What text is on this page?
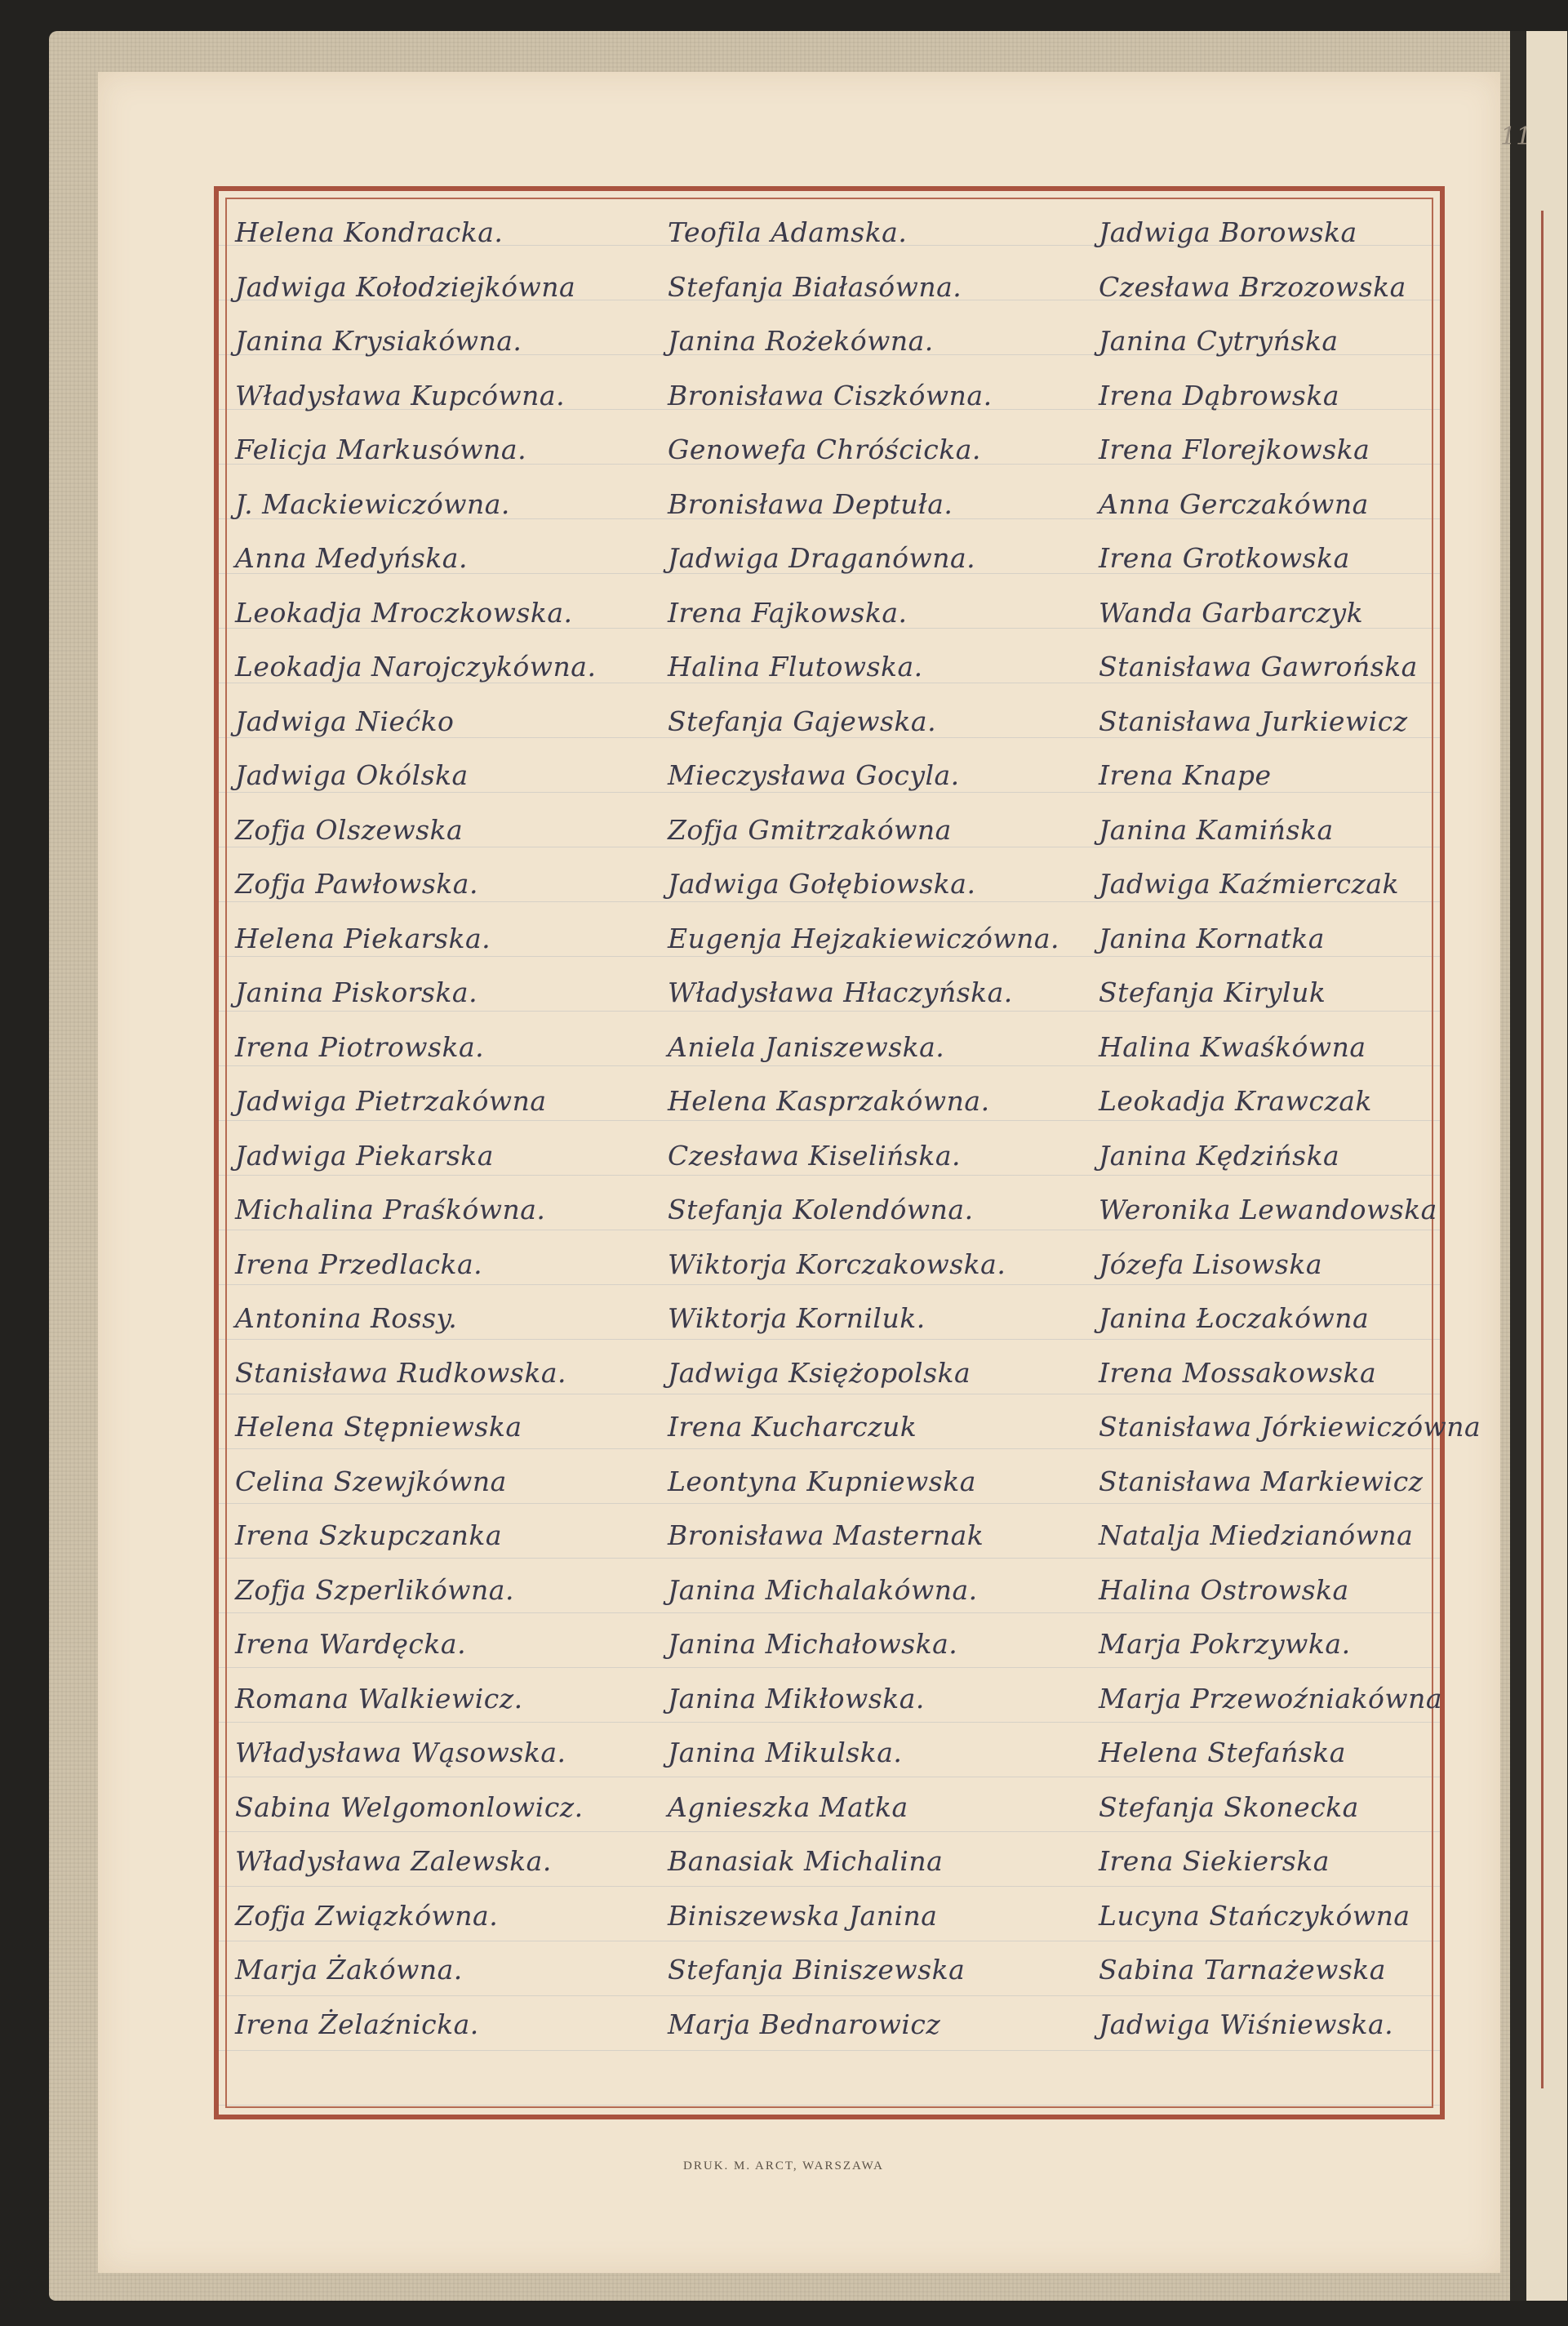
11
Helena Kondracka.	Teofila Adamska.	Jadwiga Borowska
Jadwiga Kołodziejkówna	Stefanja Białasówna.	Czesława Brzozowska
Janina Krysiakówna.	Janina Rożekówna.	Janina Cytryńska
Władysława Kupcówna.	Bronisława Ciszkówna.	Irena Dąbrowska
Felicja Markusówna.	Genowefa Chróścicka.	Irena Florejkowska
J. Mackiewiczówna.	Bronisława Deptuła.	Anna Gerczakówna
Anna Medyńska.	Jadwiga Draganówna.	Irena Grotkowska
Leokadja Mroczkowska.	Irena Fajkowska.	Wanda Garbarczyk
Leokadja Narojczykówna.	Halina Flutowska.	Stanisława Gawrońska
Jadwiga Niećko	Stefanja Gajewska.	Stanisława Jurkiewicz
Jadwiga Okólska	Mieczysława Gocyla.	Irena Knape
Zofja Olszewska	Zofja Gmitrzakówna	Janina Kamińska
Zofja Pawłowska.	Jadwiga Gołębiowska.	Jadwiga Kaźmierczak
Helena Piekarska.	Eugenja Hejzakiewiczówna.	Janina Kornatka
Janina Piskorska.	Władysława Hłaczyńska.	Stefanja Kiryluk
Irena Piotrowska.	Aniela Janiszewska.	Halina Kwaśkówna
Jadwiga Pietrzakówna	Helena Kasprzakówna.	Leokadja Krawczak
Jadwiga Piekarska	Czesława Kiselińska.	Janina Kędzińska
Michalina Praśkówna.	Stefanja Kolendówna.	Weronika Lewandowska
Irena Przedlacka.	Wiktorja Korczakowska.	Józefa Lisowska
Antonina Rossy.	Wiktorja Korniluk.	Janina Łoczakówna
Stanisława Rudkowska.	Jadwiga Księżopolska	Irena Mossakowska
Helena Stępniewska	Irena Kucharczuk	Stanisława Jórkiewiczówna
Celina Szewjkówna	Leontyna Kupniewska	Stanisława Markiewicz
Irena Szkupczanka	Bronisława Masternak	Natalja Miedzianówna
Zofja Szperlikówna.	Janina Michalakówna.	Halina Ostrowska
Irena Wardęcka.	Janina Michałowska.	Marja Pokrzywka.
Romana Walkiewicz.	Janina Mikłowska.	Marja Przewoźniakówna
Władysława Wąsowska.	Janina Mikulska.	Helena Stefańska
Sabina Welgomonlowicz.	Agnieszka Matka	Stefanja Skonecka
Władysława Zalewska.	Banasiak Michalina	Irena Siekierska
Zofja Związkówna.	Biniszewska Janina	Lucyna Stańczykówna
Marja Żakówna.	Stefanja Biniszewska	Sabina Tarnażewska
Irena Żelaźnicka.	Marja Bednarowicz	Jadwiga Wiśniewska.
DRUK. M. ARCT, WARSZAWA
